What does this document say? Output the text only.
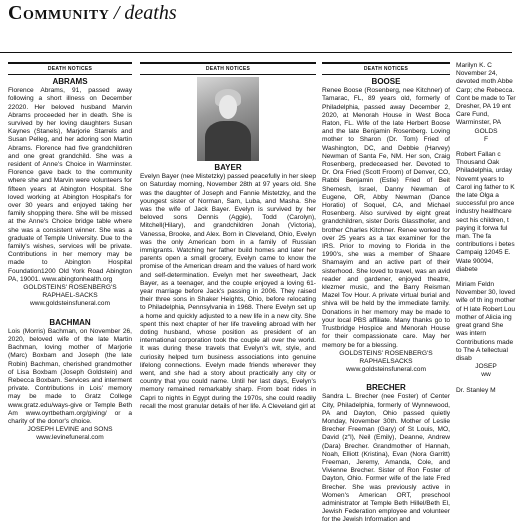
Community / deaths
DEATH NOTICES
ABRAMS

Florence Abrams, 91, passed away following a short illness on December 22020. Her beloved husband Marvin Abrams proceeded her in death. She is survived by her loving daughters Susan Kaynes (Stanels), Marjorie Starrels and Susan Pelleg, and her adoring son Martin Abrams. Florence had five grandchildren and one great grandchild. She was a resident of Anne's Choice in Warminster. Florence gave back to the community where she and Marvin were volunteers for fifteen years at Abington Hospital. She loved working at Abington Hospital's for over 30 years and enjoyed taking her family shopping there. She will be missed at the Anne's Choice bridge table where she was a consistent winner. She was a graduate of Temple University. Due to the family's wishes, services will be private. Contributions in her memory may be made to Abington Hospital Foundation1200 Old York Road Abington PA, 19001. www.abingtonhealth.org

GOLDSTEINS' ROSENBERG'S

RAPHAEL-SACKS

www.goldsteinsfuneral.com

BACHMAN

Lois (Morris) Bachman, on November 26, 2020, beloved wife of the late Martin Bachman, loving mother of Marjorie (Marc) Boxbam and Joseph (the late Robin) Bachman, cherished grandmother of Lisa Boxbam (Joseph Goldstein) and Rebecca Boxbam. Services and interment private. Contributions in Lois' memory may be made to Gratz College www.gratz.edu/ways-give or Temple Beth Am www.oyrtbetham.org/giving/ or a charity of the donor's choice.

JOSEPH LEVINE and SONS

www.levinefuneral.com

DEATH NOTICES
BAYER

Evelyn Bayer (nee Mistetzky) passed peacefully in her sleep on Saturday morning, November 28th at 97 years old. She was the daughter of Joseph and Fannie Mistetzky, and the youngest sister of Norman, Sam, Luba, and Masha. She was the wife of Jack Bayer. Evelyn is survived by her beloved sons Dennis (Aggie), Todd (Carolyn), Mitchell(Hilary), and grandchildren Jonah (Victoria), Vanessa, Brooke, and Alex. Born in Cleveland, Ohio, Evelyn was the only American born in a family of Russian immigrants. Watching her father build homes and later her parents open a small grocery, Evelyn came to know the promise of the American dream and the values of hard work and self-determination. Evelyn met her sweetheart, Jack Bayer, as a teenager, and the couple enjoyed a loving 61-year marriage before Jack's passing in 2006. They raised their three sons in Shaker Heights, Ohio, before relocating to Philadelphia, Pennsylvania in 1968. There Evelyn set up a home and quickly adjusted to a new life in a new city. She spent this next chapter of her life traveling abroad with her doting husband, whose position as president of an international corporation took the couple all over the world. It was during these travels that Evelyn's wit, style, and curiosity helped turn business associations into genuine lifelong connections. Evelyn made friends wherever they went, and she had a story about practically any city or country that you could name. Until her last days, Evelyn's memory remained remarkably sharp. From boat rides in Capri to nights in Egypt during the 1970s, she could readily recall the most granular details of her life. A Cleveland girl at

DEATH NOTICES
BOOSE

Renee Boose (Rosenberg, nee Kitchner) of Tamarac, FL, 89 years old, formerly of Philadelphia, passed away December 2, 2020, at Menorah House in West Boca Raton, FL. Wife of the late Herbert Boose and the late Benjamin Rosenberg. Loving mother to Sharon (Dr. Tom) Fried of Washington, DC, and Debbie (Harvey) Newman of Santa Fe, NM. Her son, Craig Rosenberg, predeceased her. Devoted to Dr. Ora Fried (Scott Froom) of Denver, CO, Rabbi Benjamin (Estie) Fried of Beit Shemesh, Israel, Danny Newman of Eugene, OR, Abby Newman (Dance Horatio) of Soquel, CA, and Michael Rosenberg. Also survived by eight great grandchildren, sister Doris Glassthofer, and brother Charles Kitchner. Renee worked for over 25 years as a tax examiner for the IRS. Prior to moving to Florida in the 1990's, she was a member of Shaare Shamayim and an active part of their sisterhood. She loved to travel, was an avid reader and gardener, enjoyed theatre, klezmer music, and the Barry Reisman Mazel Tov Hour. A private virtual burial and shiva will be held by the immediate family. Donations in her memory may be made to your local PBS affiliate. Many thanks go to Trustbridge Hospice and Menorah House for their compassionate care. May her memory be for a blessing.

GOLDSTEINS' ROSENBERG'S

RAPHAELSACKS

www.goldsteinsfuneral.com

BRECHER

Sandra L. Brecher (nee Foster) of Center City, Philadelphia, formerly of Wynnewood, PA and Dayton, Ohio passed quietly Monday, November 30th. Mother of Leslie Brecher Freeman (Gary) of St Louis, MO, David (z"l), Neil (Emily), Deanne, Andrew (Dara) Brecher. Grandmother of Hannah, Noah, Elliott (Kristina), Evan (Nora Garritt) Freeman, Jeremy, Amanda, Cole, and Vivienne Brecher. Sister of Ron Foster of Dayton, Ohio. Former wife of the late Fred Brecher. She was previously active in Women's American ORT, preschool administrator at Temple Beth Hillel/Beth El, Jewish Federation employee and volunteer for the Jewish Information and

Marilyn K. C November 24, devoted moth Abbe Carp; che Rebecca. Cont be made to Ter Dresher, PA 19 ent Care Fund, Warminster, PA

GOLDS

F

Robert Fallan c Thousand Oak Philadelphia, urday Novemt years to Carol ing father to K the late Olga a successful pro ance industry healthcare sect his children, t paying it forwa ful man. The fa contributions i betes Campaig 12045 E. Wate 90094, diabete

Miriam Feldn November 30, loved wife of th ing mother of H late Robert Lou mother of Alicia ing great grand She was intern Contributions made to The A tellectual disab

JOSEP

ww

Dr. Stanley M
